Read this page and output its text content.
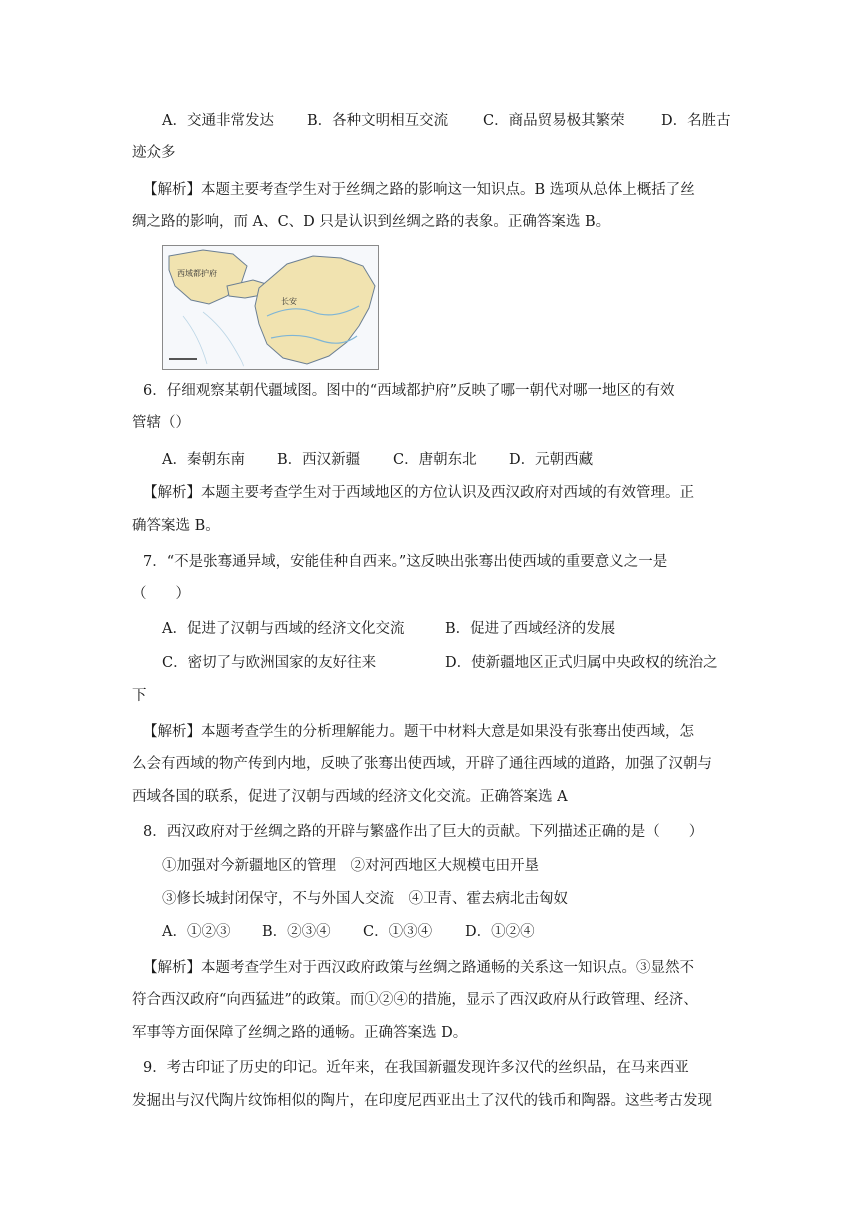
A．交通非常发达 B．各种文明相互交流 C．商品贸易极其繁荣	D．名胜古
迹众多
【解析】本题主要考查学生对于丝绸之路的影响这一知识点。B 选项从总体上概括了丝
绸之路的影响，而 A、C、D 只是认识到丝绸之路的表象。正确答案选 B。
西域都护府
长安
6．仔细观察某朝代疆域图。图中的“西域都护府”反映了哪一朝代对哪一地区的有效
管辖（）
A．秦朝东南 B．西汉新疆 C．唐朝东北 D．元朝西藏
【解析】本题主要考查学生对于西域地区的方位认识及西汉政府对西域的有效管理。正
确答案选 B。
7．“不是张骞通异域，安能佳种自西来。”这反映出张骞出使西域的重要意义之一是
（　　）
A．促进了汉朝与西域的经济文化交流	B．促进了西域经济的发展
C．密切了与欧洲国家的友好往来	D．使新疆地区正式归属中央政权的统治之
下
【解析】本题考查学生的分析理解能力。题干中材料大意是如果没有张骞出使西域，怎
么会有西域的物产传到内地，反映了张骞出使西域，开辟了通往西域的道路，加强了汉朝与
西域各国的联系，促进了汉朝与西域的经济文化交流。正确答案选 A
8．西汉政府对于丝绸之路的开辟与繁盛作出了巨大的贡献。下列描述正确的是（　　）
①加强对今新疆地区的管理　②对河西地区大规模屯田开垦
③修长城封闭保守，不与外国人交流　④卫青、霍去病北击匈奴
A．①②③ B．②③④ C．①③④ D．①②④
【解析】本题考查学生对于西汉政府政策与丝绸之路通畅的关系这一知识点。③显然不
符合西汉政府“向西猛进”的政策。而①②④的措施，显示了西汉政府从行政管理、经济、
军事等方面保障了丝绸之路的通畅。正确答案选 D。
9．考古印证了历史的印记。近年来，在我国新疆发现许多汉代的丝织品，在马来西亚
发掘出与汉代陶片纹饰相似的陶片，在印度尼西亚出土了汉代的钱币和陶器。这些考古发现
